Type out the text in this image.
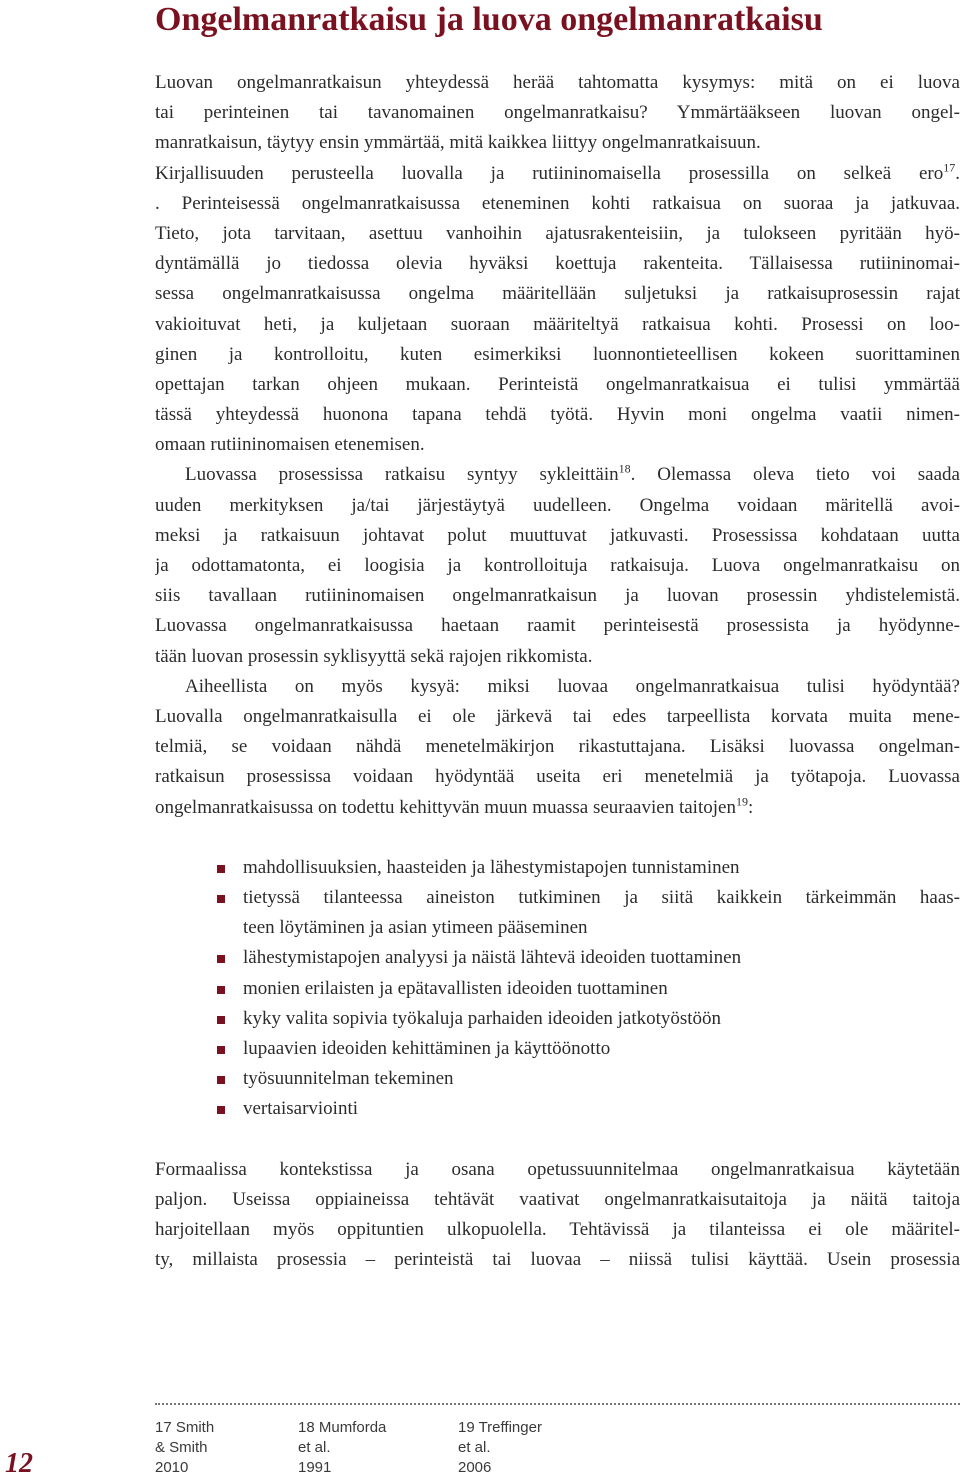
Ongelmanratkaisu ja luova ongelmanratkaisu
Luovan ongelmanratkaisun yhteydessä herää tahtomatta kysymys: mitä on ei luova
tai perinteinen tai tavanomainen ongelmanratkaisu? Ymmärtääkseen luovan ongel-
manratkaisun, täytyy ensin ymmärtää, mitä kaikkea liittyy ongelmanratkaisuun.
Kirjallisuuden perusteella luovalla ja rutiininomaisella prosessilla on selkeä ero$^{17}$.
. Perinteisessä ongelmanratkaisussa eteneminen kohti ratkaisua on suoraa ja jatkuvaa.
Tieto, jota tarvitaan, asettuu vanhoihin ajatusrakenteisiin, ja tulokseen pyritään hyö-
dyntämällä jo tiedossa olevia hyväksi koettuja rakenteita. Tällaisessa rutiininomai-
sessa ongelmanratkaisussa ongelma määritellään suljetuksi ja ratkaisuprosessin rajat
vakioituvat heti, ja kuljetaan suoraan määriteltyä ratkaisua kohti. Prosessi on loo-
ginen ja kontrolloitu, kuten esimerkiksi luonnontieteellisen kokeen suorittaminen
opettajan tarkan ohjeen mukaan. Perinteistä ongelmanratkaisua ei tulisi ymmärtää
tässä yhteydessä huonona tapana tehdä työtä. Hyvin moni ongelma vaatii nimen-
omaan rutiininomaisen etenemisen.
Luovassa prosessissa ratkaisu syntyy sykleittäin$^{18}$. Olemassa oleva tieto voi saada
uuden merkityksen ja/tai järjestäytyä uudelleen. Ongelma voidaan märitellä avoi-
meksi ja ratkaisuun johtavat polut muuttuvat jatkuvasti. Prosessissa kohdataan uutta
ja odottamatonta, ei loogisia ja kontrolloituja ratkaisuja. Luova ongelmanratkaisu on
siis tavallaan rutiininomaisen ongelmanratkaisun ja luovan prosessin yhdistelemistä.
Luovassa ongelmanratkaisussa haetaan raamit perinteisestä prosessista ja hyödynne-
tään luovan prosessin syklisyyttä sekä rajojen rikkomista.
Aiheellista on myös kysyä: miksi luovaa ongelmanratkaisua tulisi hyödyntää?
Luovalla ongelmanratkaisulla ei ole järkevä tai edes tarpeellista korvata muita mene-
telmiä, se voidaan nähdä menetelmäkirjon rikastuttajana. Lisäksi luovassa ongelman-
ratkaisun prosessissa voidaan hyödyntää useita eri menetelmiä ja työtapoja. Luovassa
ongelmanratkaisussa on todettu kehittyvän muun muassa seuraavien taitojen$^{19}$:
mahdollisuuksien, haasteiden ja lähestymistapojen tunnistaminen
tietyssä tilanteessa aineiston tutkiminen ja siitä kaikkein tärkeimmän haas-
teen löytäminen ja asian ytimeen pääseminen
lähestymistapojen analyysi ja näistä lähtevä ideoiden tuottaminen
monien erilaisten ja epätavallisten ideoiden tuottaminen
kyky valita sopivia työkaluja parhaiden ideoiden jatkotyöstöön
lupaavien ideoiden kehittäminen ja käyttöönotto
työsuunnitelman tekeminen
vertaisarviointi
Formaalissa kontekstissa ja osana opetussuunnitelmaa ongelmanratkaisua käytetään
paljon. Useissa oppiaineissa tehtävät vaativat ongelmanratkaisutaitoja ja näitä taitoja
harjoitellaan myös oppituntien ulkopuolella. Tehtävissä ja tilanteissa ei ole määritel-
ty, millaista prosessia – perinteistä tai luovaa – niissä tulisi käyttää. Usein prosessia
17 Smith
& Smith
2010
18 Mumforda
et al.
1991
19 Treffinger
et al.
2006
12
